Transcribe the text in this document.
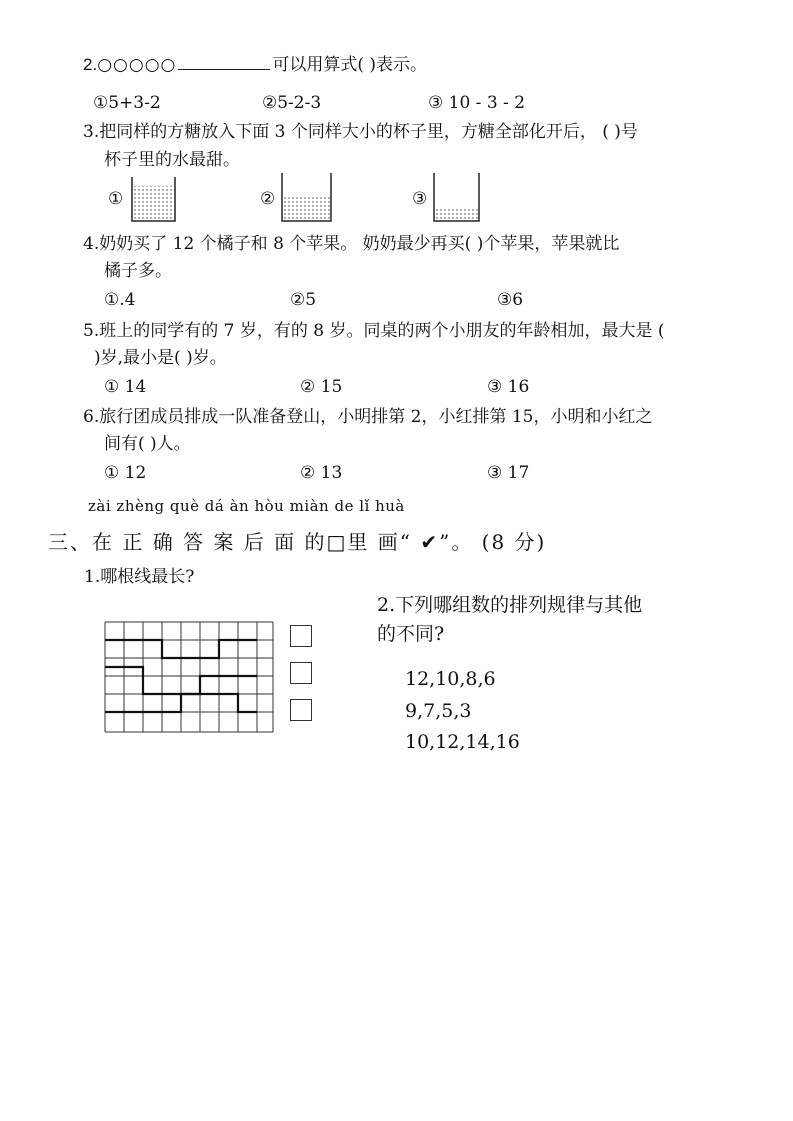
2.○○○○○	可以用算式( )表示。
①5+3-2	②5-2-3	③ 10 - 3 - 2
3.把同样的方糖放入下面 3 个同样大小的杯子里，方糖全部化开后， ( )号
杯子里的水最甜。
①	②	③
4.奶奶买了 12 个橘子和 8 个苹果。 奶奶最少再买( )个苹果，苹果就比
橘子多。
①.4	②5	③6
5.班上的同学有的 7 岁，有的 8 岁。同桌的两个小朋友的年龄相加，最大是 (
)岁,最小是( )岁。
① 14	② 15	③ 16
6.旅行团成员排成一队准备登山，小明排第 2，小红排第 15，小明和小红之
间有( )人。
① 12	② 13	③ 17
zài zhèng què dá àn hòu miàn de lǐ huà
三、在 正 确 答 案 后 面 的□里 画“ ✔”。 (8 分)
1.哪根线最长?
2.下列哪组数的排列规律与其他
的不同?
12,10,8,6
9,7,5,3
10,12,14,16
